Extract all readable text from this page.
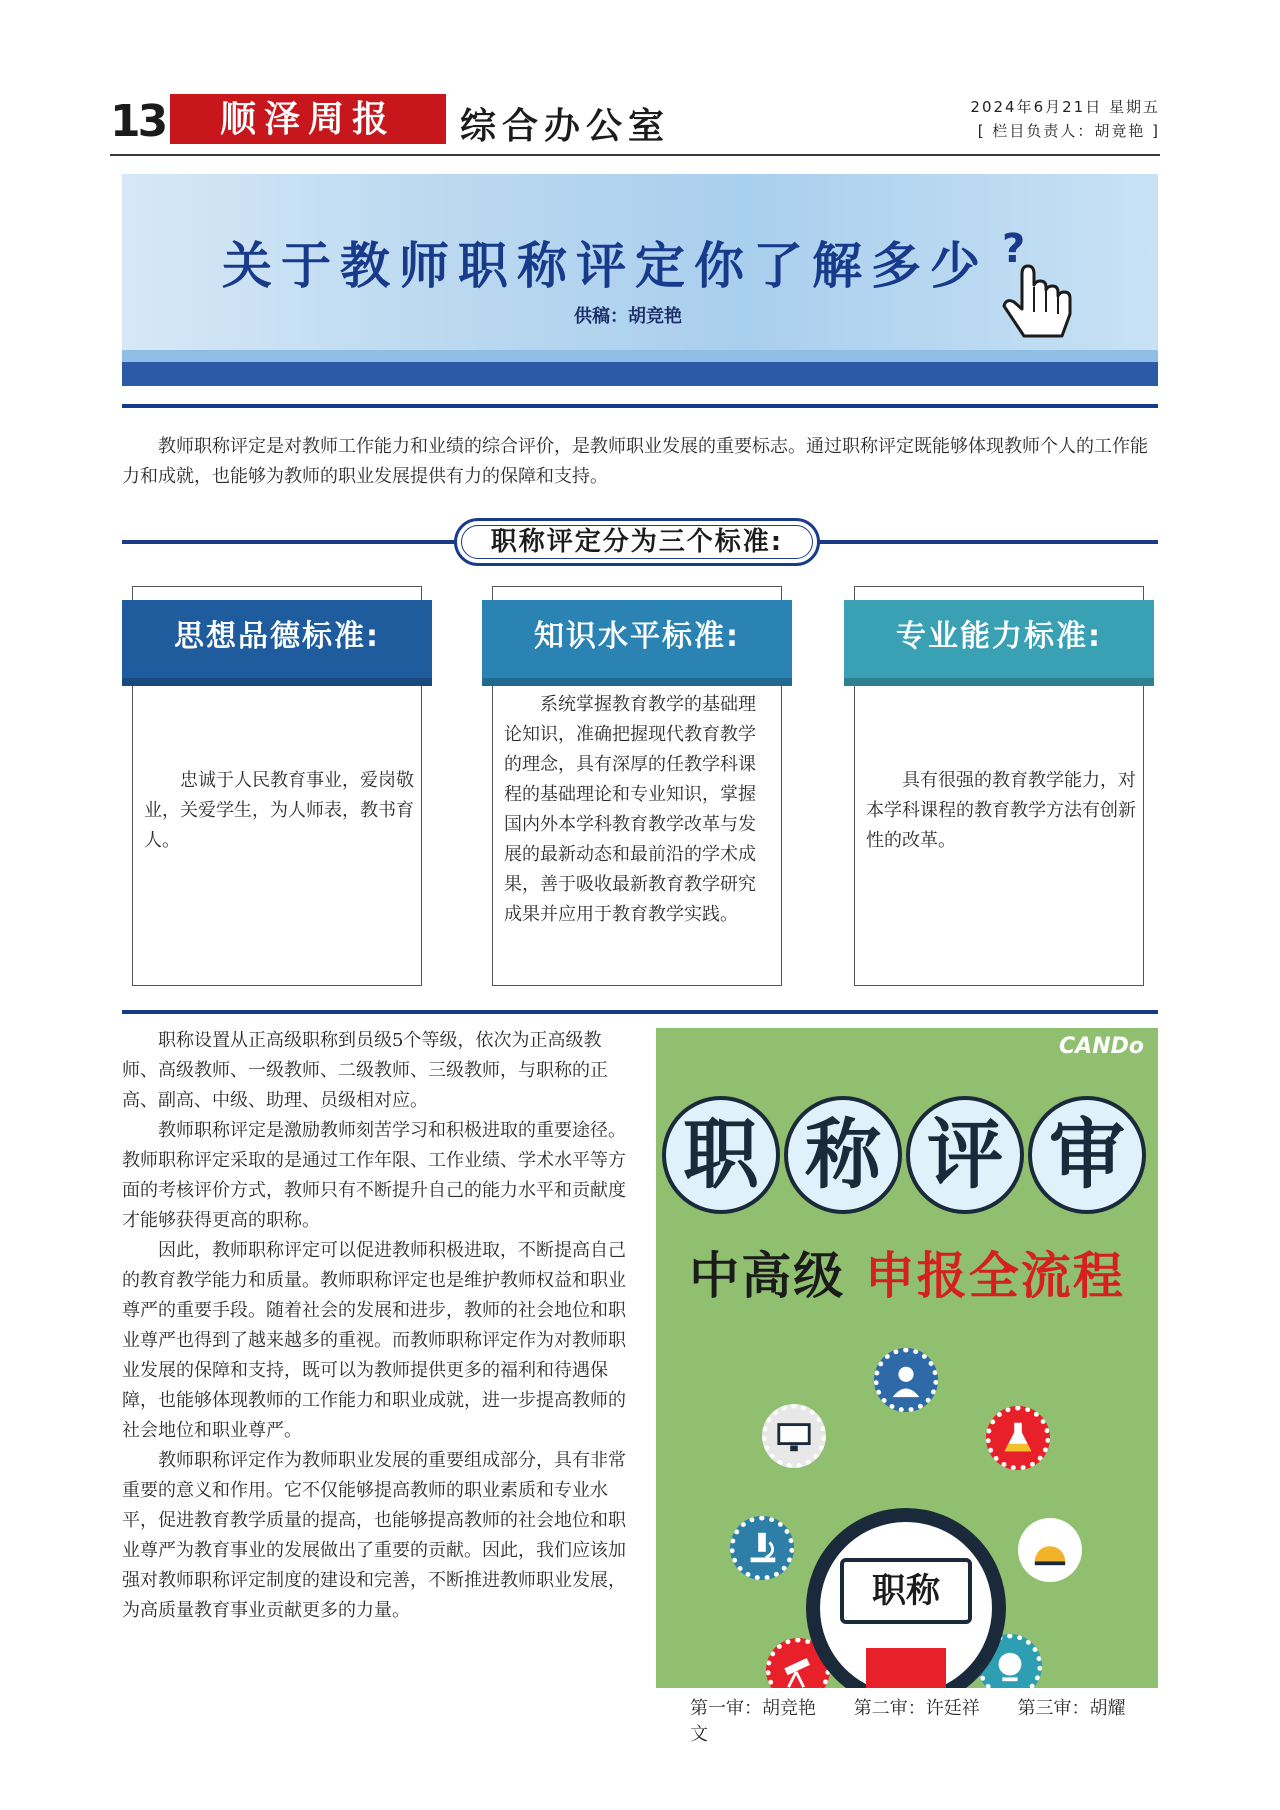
13	顺泽周报	综合办公室	2024年6月21日 星期五
[ 栏目负责人：胡竟艳 ]
关于教师职称评定你了解多少 ?
供稿：胡竞艳

教师职称评定是对教师工作能力和业绩的综合评价，是教师职业发展的重要标志。通过职称评定既能够体现教师个人的工作能力和成就，也能够为教师的职业发展提供有力的保障和支持。

职称评定分为三个标准:
思想品德标准:

忠诚于人民教育事业，爱岗敬业，关爱学生，为人师表，教书育人。

知识水平标准:

系统掌握教育教学的基础理论知识，准确把握现代教育教学的理念，具有深厚的任教学科课程的基础理论和专业知识，掌握国内外本学科教育教学改革与发展的最新动态和最前沿的学术成果，善于吸收最新教育教学研究成果并应用于教育教学实践。

专业能力标准:

具有很强的教育教学能力，对本学科课程的教育教学方法有创新性的改革。

职称设置从正高级职称到员级5个等级，依次为正高级教师、高级教师、一级教师、二级教师、三级教师，与职称的正高、副高、中级、助理、员级相对应。

教师职称评定是激励教师刻苦学习和积极进取的重要途径。教师职称评定采取的是通过工作年限、工作业绩、学术水平等方面的考核评价方式，教师只有不断提升自己的能力水平和贡献度才能够获得更高的职称。

因此，教师职称评定可以促进教师积极进取，不断提高自己的教育教学能力和质量。教师职称评定也是维护教师权益和职业尊严的重要手段。随着社会的发展和进步，教师的社会地位和职业尊严也得到了越来越多的重视。而教师职称评定作为对教师职业发展的保障和支持，既可以为教师提供更多的福利和待遇保障，也能够体现教师的工作能力和职业成就，进一步提高教师的社会地位和职业尊严。

教师职称评定作为教师职业发展的重要组成部分，具有非常重要的意义和作用。它不仅能够提高教师的职业素质和专业水平，促进教育教学质量的提高，也能够提高教师的社会地位和职业尊严为教育事业的发展做出了重要的贡献。因此，我们应该加强对教师职称评定制度的建设和完善，不断推进教师职业发展，为高质量教育事业贡献更多的力量。

CANDo
职 称 评 审
中高级 申报全流程
职称
第一审：胡竞艳 第二审：许廷祥 第三审：胡耀文
